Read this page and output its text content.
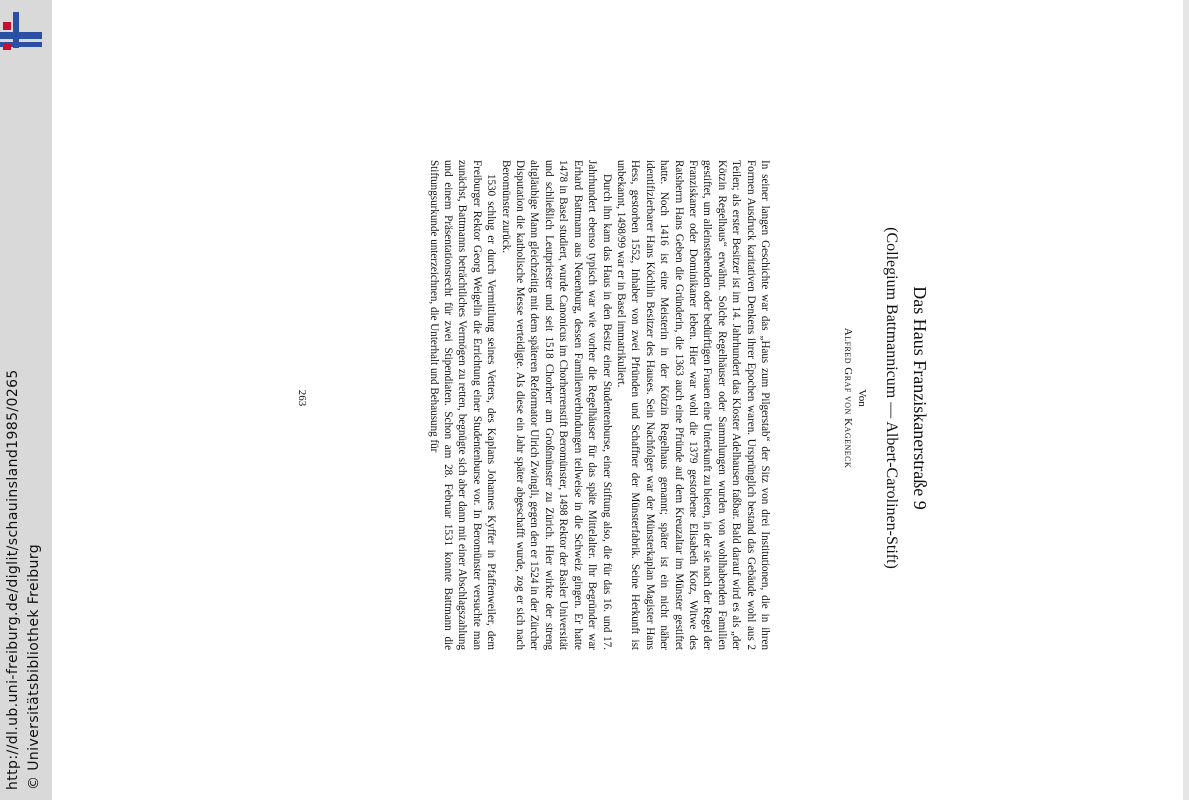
http://dl.ub.uni-freiburg.de/diglit/schauinsland1985/0265 © Universitätsbibliothek Freiburg
Das Haus Franziskanerstraße 9
(Collegium Battmannicum — Albert-Carolinen-Stift)
Von
Alfred Graf von Kageneck

In seiner langen Geschichte war das „Haus zum Pilgerstab“ der Sitz von drei Institutionen, die in ihren Formen Ausdruck karitativen Denkens ihrer Epochen waren. Ursprünglich bestand das Gebäude wohl aus 2 Teilen; als erster Besitzer ist im 14. Jahrhundert das Kloster Adelhausen faßbar. Bald darauf wird es als „der Kötzin Regelhaus“ erwähnt. Solche Regelhäuser oder Sammlungen wurden von wohlhabenden Familien gestiftet, um alleinstehenden oder bedürftigen Frauen eine Unterkunft zu bieten, in der sie nach der Regel der Franziskaner oder Dominikaner leben. Hier war wohl die 1379 gestorbene Elisabeth Kotz, Witwe des Ratsherrn Hans Geben die Gründerin, die 1363 auch eine Pfründe auf dem Kreuzaltar im Münster gestiftet hatte. Noch 1416 ist eine Meisterin in der Kötzin Regelhaus genannt; später ist ein nicht näher identifizierbarer Hans Köchlin Besitzer des Hauses. Sein Nachfolger war der Münsterkaplan Magister Hans Hess, gestorben 1552, Inhaber von zwei Pfründen und Schaffner der Münsterfabrik. Seine Herkunft ist unbekannt, 1498/99 war er in Basel immatrikuliert.

Durch ihn kam das Haus in den Besitz einer Studentenburse, einer Stiftung also, die für das 16. und 17. Jahrhundert ebenso typisch war wie vorher die Regelhäuser für das späte Mittelalter. Ihr Begründer war Erhard Battmann aus Neuenburg, dessen Familienverbindungen teilweise in die Schweiz gingen. Er hatte 1478 in Basel studiert, wurde Canonicus im Chorherrenstift Beromünster, 1498 Rektor der Basler Universität und schließlich Leutpriester und seit 1518 Chorherr am Großmünster zu Zürich. Hier wirkte der streng altgläubige Mann gleichzeitig mit dem späteren Reformator Ulrich Zwingli, gegen den er 1524 in der Zürcher Disputation die katholische Messe verteidigte. Als diese ein Jahr später abgeschafft wurde, zog er sich nach Beromünster zurück.

1530 schlug er durch Vermittlung seines Vetters, des Kaplans Johannes Kyffer in Pfaffenweiler, dem Freiburger Rektor Georg Weigelin die Errichtung einer Studentenburse vor. In Beromünster versuchte man zunächst, Battmanns beträchtliches Vermögen zu retten, begnügte sich aber dann mit einer Abschlagszahlung und einem Präsentationsrecht für zwei Stipendiaten. Schon am 28. Februar 1531 konnte Battmann die Stiftungsurkunde unterzeichnen, die Unterhalt und Behausung für

263
